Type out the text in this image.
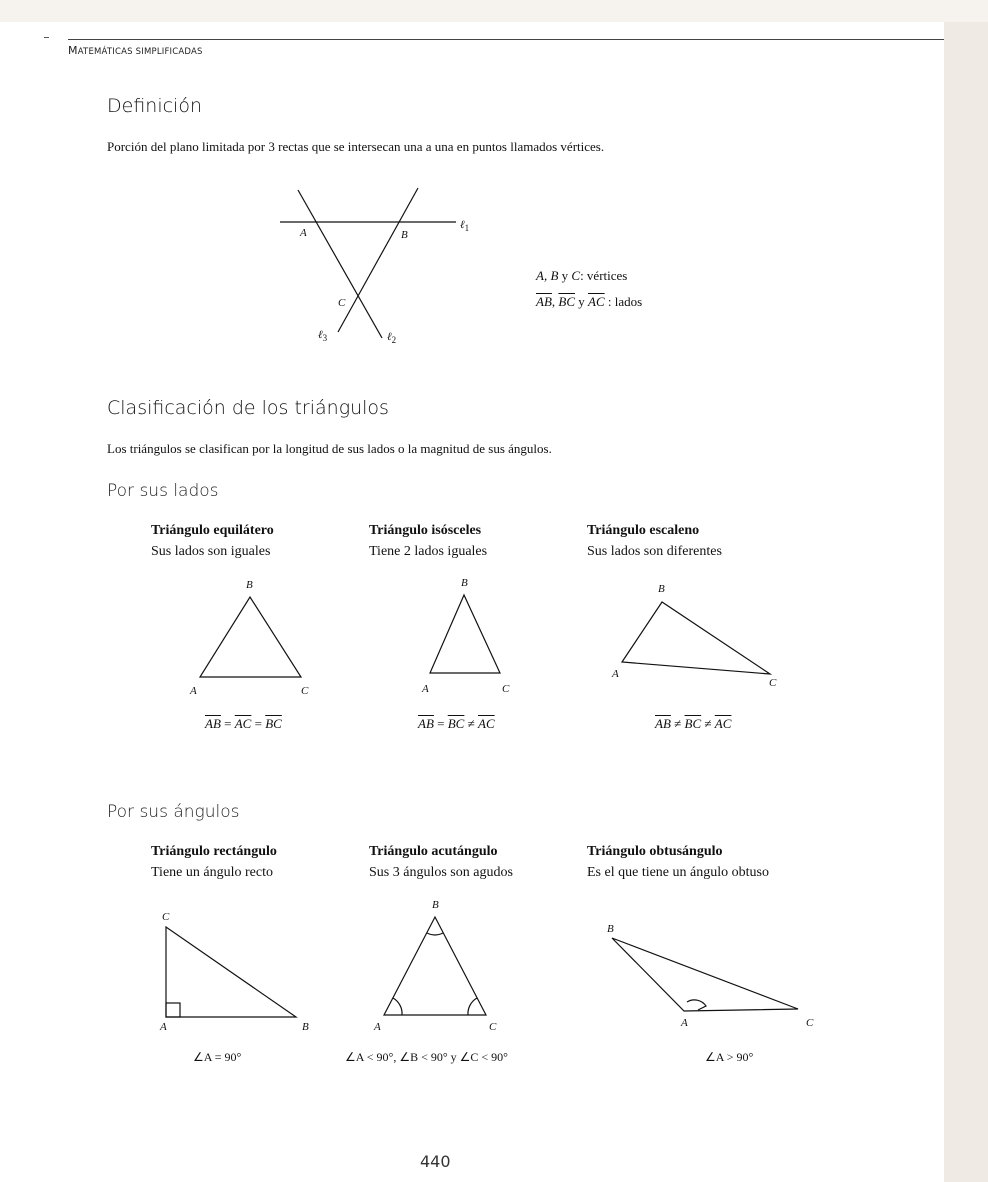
MATEMÁTICAS SIMPLIFICADAS
Definición
Porción del plano limitada por 3 rectas que se intersecan una a una en puntos llamados vértices.
A	B
C
ℓ$_1$
ℓ$_2$
ℓ$_3$
A, B y C: vértices
$\overline{AB}$, $\overline{BC}$ y $\overline{AC}$ : lados
Clasificación de los triángulos
Los triángulos se clasifican por la longitud de sus lados o la magnitud de sus ángulos.
Por sus lados
Triángulo equilátero
Sus lados son iguales
Triángulo isósceles
Tiene 2 lados iguales
Triángulo escaleno
Sus lados son diferentes
B
A	C
B
A	C
B
A
C
$\overline{AB} = \overline{AC} = \overline{BC}$	$\overline{AB} = \overline{BC} \ne \overline{AC}$	$\overline{AB} \ne \overline{BC} \ne \overline{AC}$
Por sus ángulos
Triángulo rectángulo
Tiene un ángulo recto
Triángulo acutángulo
Sus 3 ángulos son agudos
Triángulo obtusángulo
Es el que tiene un ángulo obtuso
C
A	B
B
A	C
B
A	C
∠A = 90°	∠A < 90°, ∠B < 90° y ∠C < 90°	∠A > 90°
440
